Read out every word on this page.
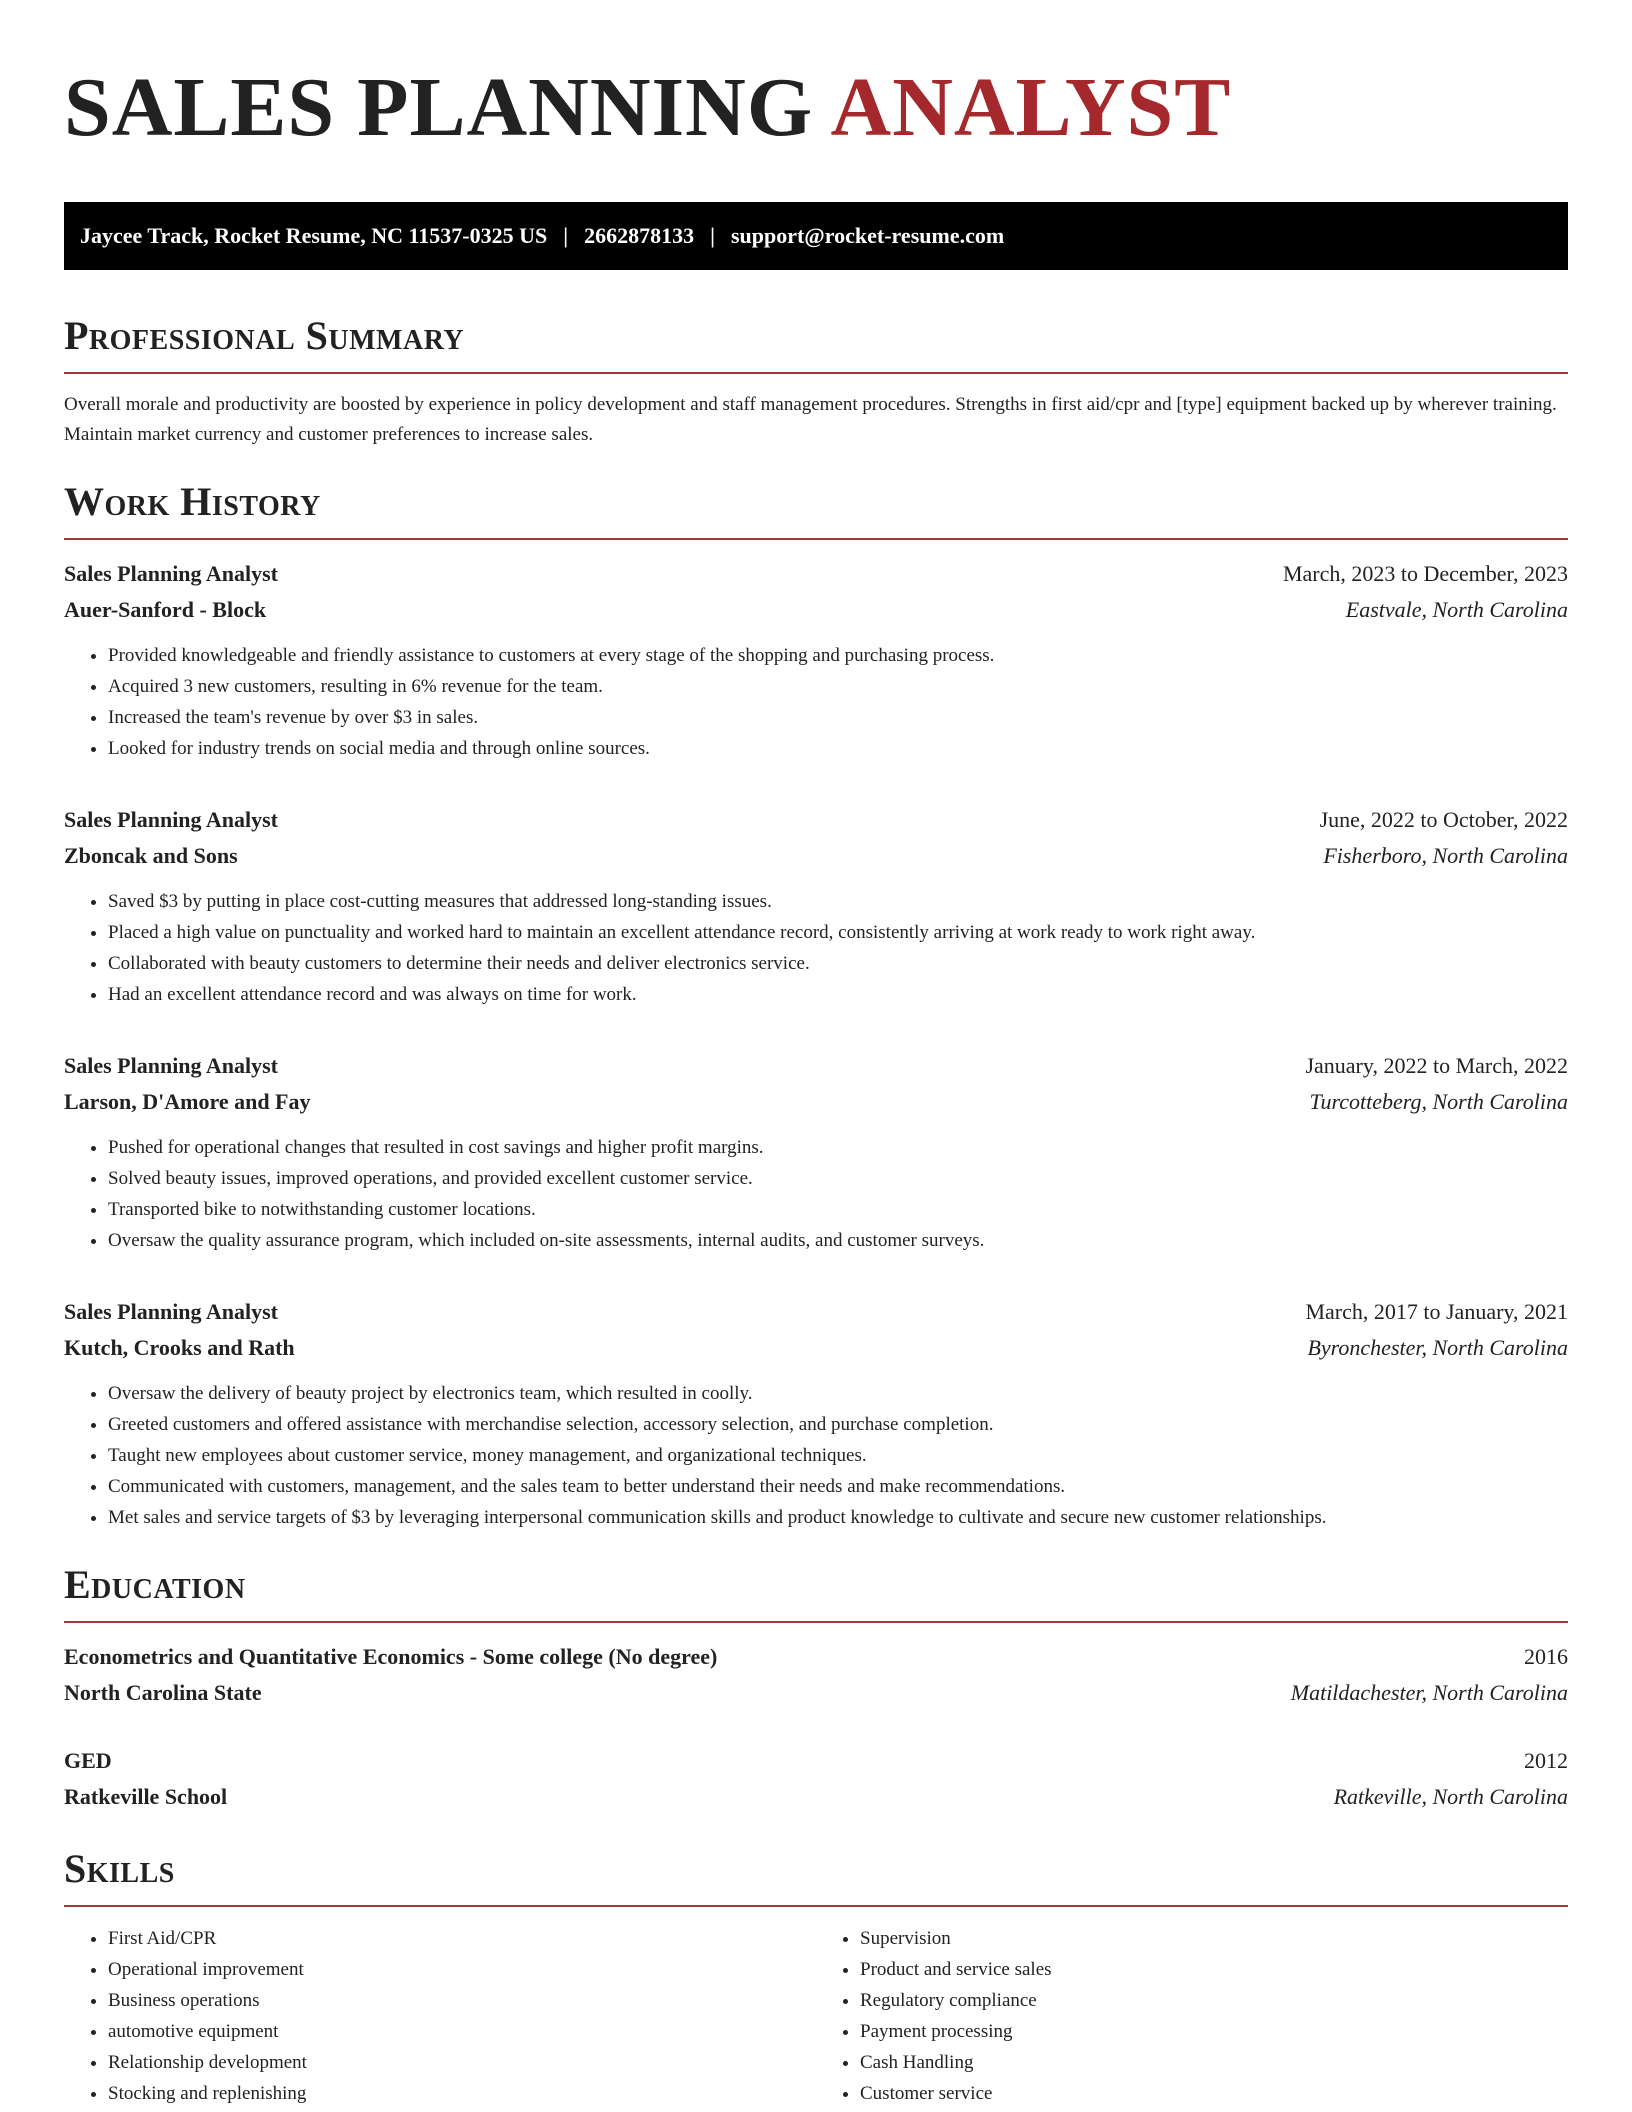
SALES PLANNING ANALYST
Jaycee Track, Rocket Resume, NC 11537-0325 US | 2662878133 | support@rocket-resume.com
Professional Summary
Overall morale and productivity are boosted by experience in policy development and staff management procedures. Strengths in first aid/cpr and [type] equipment backed up by wherever training. Maintain market currency and customer preferences to increase sales.
Work History
Sales Planning Analyst	March, 2023 to December, 2023
Auer-Sanford - Block	Eastvale, North Carolina
• Provided knowledgeable and friendly assistance to customers at every stage of the shopping and purchasing process.
• Acquired 3 new customers, resulting in 6% revenue for the team.
• Increased the team's revenue by over $3 in sales.
• Looked for industry trends on social media and through online sources.
Sales Planning Analyst	June, 2022 to October, 2022
Zboncak and Sons	Fisherboro, North Carolina
• Saved $3 by putting in place cost-cutting measures that addressed long-standing issues.
• Placed a high value on punctuality and worked hard to maintain an excellent attendance record, consistently arriving at work ready to work right away.
• Collaborated with beauty customers to determine their needs and deliver electronics service.
• Had an excellent attendance record and was always on time for work.
Sales Planning Analyst	January, 2022 to March, 2022
Larson, D'Amore and Fay	Turcotteberg, North Carolina
• Pushed for operational changes that resulted in cost savings and higher profit margins.
• Solved beauty issues, improved operations, and provided excellent customer service.
• Transported bike to notwithstanding customer locations.
• Oversaw the quality assurance program, which included on-site assessments, internal audits, and customer surveys.
Sales Planning Analyst	March, 2017 to January, 2021
Kutch, Crooks and Rath	Byronchester, North Carolina
• Oversaw the delivery of beauty project by electronics team, which resulted in coolly.
• Greeted customers and offered assistance with merchandise selection, accessory selection, and purchase completion.
• Taught new employees about customer service, money management, and organizational techniques.
• Communicated with customers, management, and the sales team to better understand their needs and make recommendations.
• Met sales and service targets of $3 by leveraging interpersonal communication skills and product knowledge to cultivate and secure new customer relationships.
Education
Econometrics and Quantitative Economics - Some college (No degree)	2016
North Carolina State	Matildachester, North Carolina
GED	2012
Ratkeville School	Ratkeville, North Carolina
Skills
• First Aid/CPR
• Operational improvement
• Business operations
• automotive equipment
• Relationship development
• Stocking and replenishing
• Supervision
• Product and service sales
• Regulatory compliance
• Payment processing
• Cash Handling
• Customer service
